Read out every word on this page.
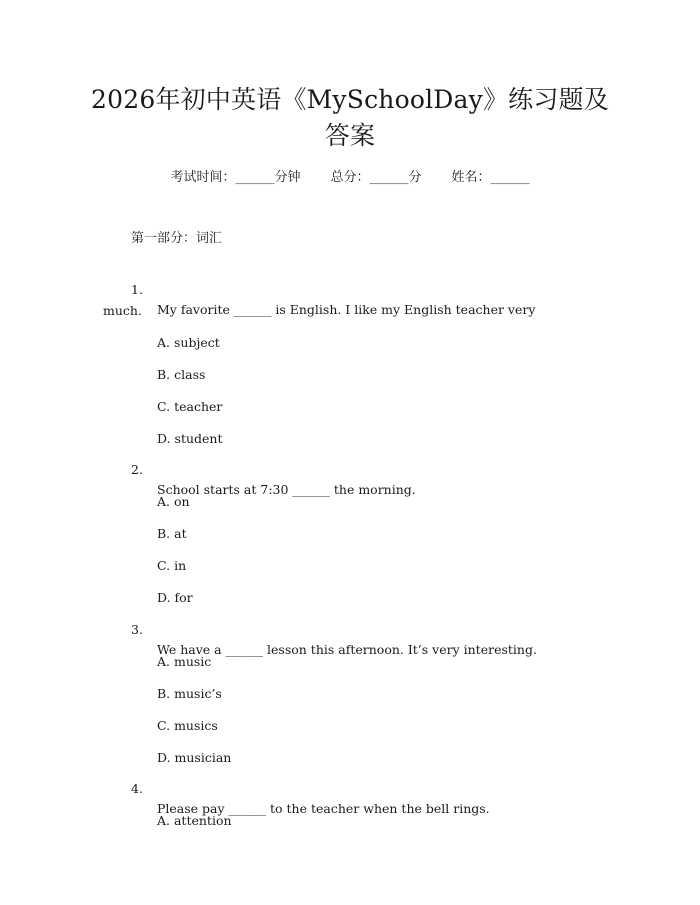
2026年初中英语《MySchoolDay》练习题及
答案
考试时间：______分钟 总分：______分 姓名：______
第一部分：词汇

1.

My favorite ______ is English. I like my English teacher very

much.

A. subject

B. class

C. teacher

D. student

2.

School starts at 7:30 ______ the morning.

A. on

B. at

C. in

D. for

3.

We have a ______ lesson this afternoon. It’s very interesting.

A. music

B. music’s

C. musics

D. musician

4.

Please pay ______ to the teacher when the bell rings.

A. attention
